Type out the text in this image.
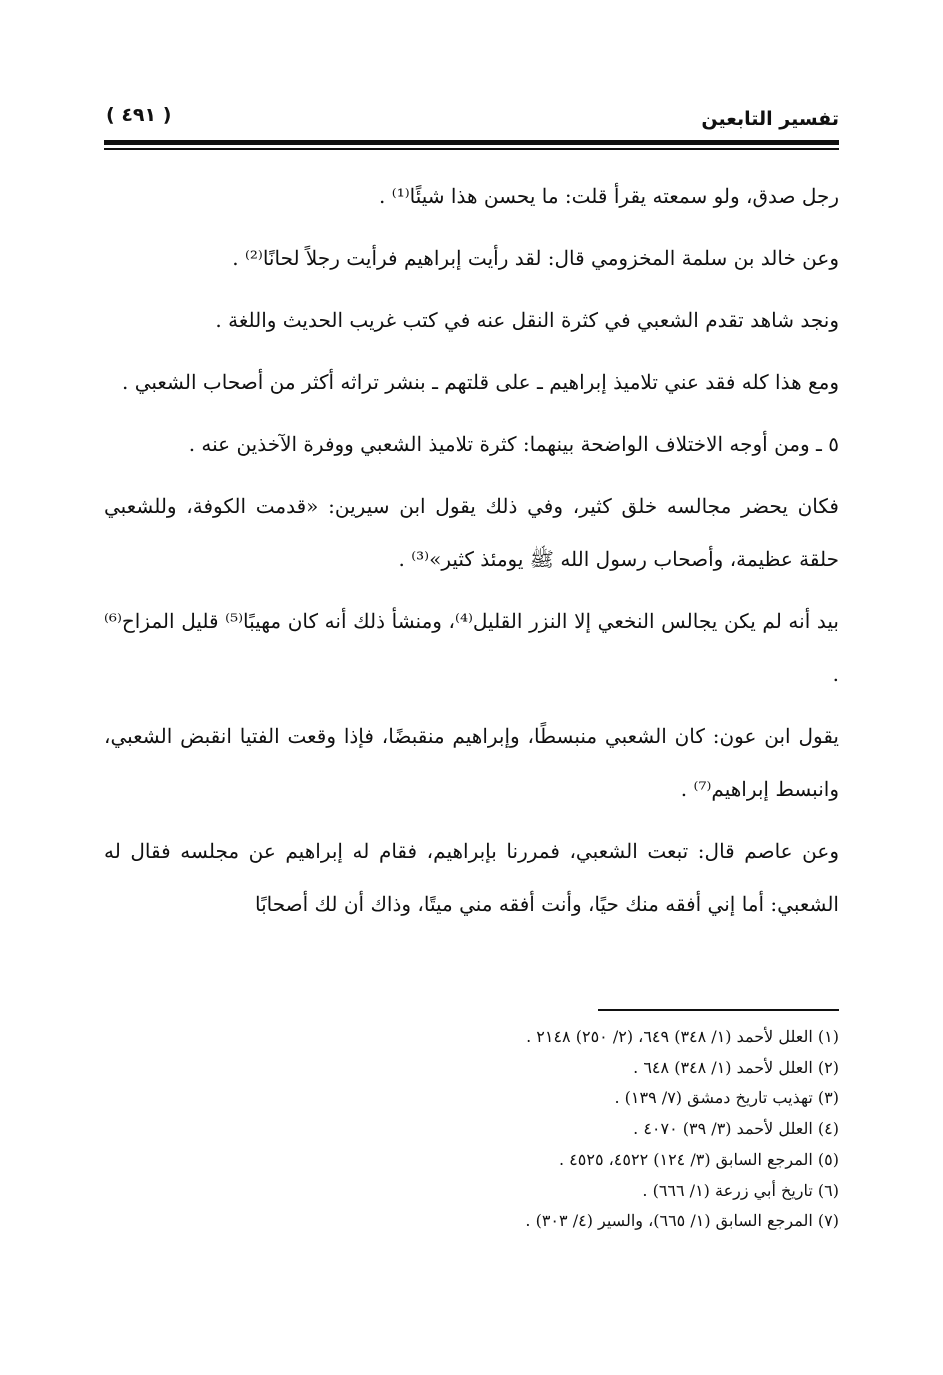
تفسير التابعين
( ٤٩١ )

رجل صدق، ولو سمعته يقرأ قلت: ما يحسن هذا شيئًا⁽¹⁾ .

وعن خالد بن سلمة المخزومي قال: لقد رأيت إبراهيم فرأيت رجلاً لحانًا⁽²⁾ .

ونجد شاهد تقدم الشعبي في كثرة النقل عنه في كتب غريب الحديث واللغة .

ومع هذا كله فقد عني تلاميذ إبراهيم ـ على قلتهم ـ بنشر تراثه أكثر من أصحاب الشعبي .

٥ ـ ومن أوجه الاختلاف الواضحة بينهما: كثرة تلاميذ الشعبي ووفرة الآخذين عنه .

فكان يحضر مجالسه خلق كثير، وفي ذلك يقول ابن سيرين: «قدمت الكوفة، وللشعبي حلقة عظيمة، وأصحاب رسول الله ﷺ يومئذ كثير»⁽³⁾ .

بيد أنه لم يكن يجالس النخعي إلا النزر القليل⁽⁴⁾، ومنشأ ذلك أنه كان مهيبًا⁽⁵⁾ قليل المزاح⁽⁶⁾ .

يقول ابن عون: كان الشعبي منبسطًا، وإبراهيم منقبضًا، فإذا وقعت الفتيا انقبض الشعبي، وانبسط إبراهيم⁽⁷⁾ .

وعن عاصم قال: تبعت الشعبي، فمررنا بإبراهيم، فقام له إبراهيم عن مجلسه فقال له الشعبي: أما إني أفقه منك حيًا، وأنت أفقه مني ميتًا، وذاك أن لك أصحابًا

(١) العلل لأحمد (١/ ٣٤٨) ٦٤٩، (٢/ ٢٥٠) ٢١٤٨ .

(٢) العلل لأحمد (١/ ٣٤٨) ٦٤٨ .

(٣) تهذيب تاريخ دمشق (٧/ ١٣٩) .

(٤) العلل لأحمد (٣/ ٣٩) ٤٠٧٠ .

(٥) المرجع السابق (٣/ ١٢٤) ٤٥٢٢، ٤٥٢٥ .

(٦) تاريخ أبي زرعة (١/ ٦٦٦) .

(٧) المرجع السابق (١/ ٦٦٥)، والسير (٤/ ٣٠٣) .
